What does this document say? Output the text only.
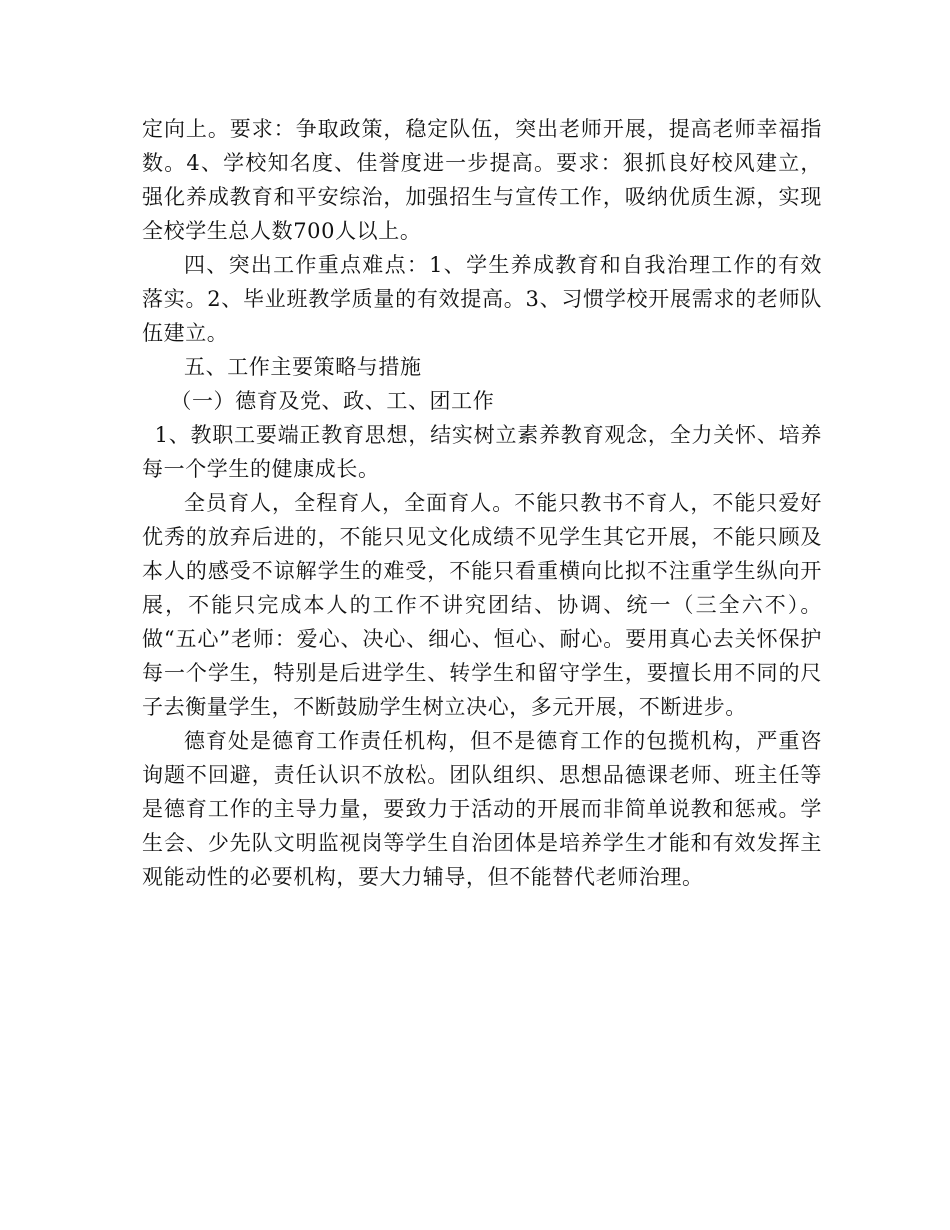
定向上。要求：争取政策，稳定队伍，突出老师开展，提高老师幸福指数。4、学校知名度、佳誉度进一步提高。要求：狠抓良好校风建立，强化养成教育和平安综治，加强招生与宣传工作，吸纳优质生源，实现全校学生总人数700人以上。

四、突出工作重点难点：1、学生养成教育和自我治理工作的有效落实。2、毕业班教学质量的有效提高。3、习惯学校开展需求的老师队伍建立。

五、工作主要策略与措施

（一）德育及党、政、工、团工作

1、教职工要端正教育思想，结实树立素养教育观念，全力关怀、培养每一个学生的健康成长。

全员育人，全程育人，全面育人。不能只教书不育人，不能只爱好优秀的放弃后进的，不能只见文化成绩不见学生其它开展，不能只顾及本人的感受不谅解学生的难受，不能只看重横向比拟不注重学生纵向开展，不能只完成本人的工作不讲究团结、协调、统一（三全六不）。做“五心”老师：爱心、决心、细心、恒心、耐心。要用真心去关怀保护每一个学生，特别是后进学生、转学生和留守学生，要擅长用不同的尺子去衡量学生，不断鼓励学生树立决心，多元开展，不断进步。

德育处是德育工作责任机构，但不是德育工作的包揽机构，严重咨询题不回避，责任认识不放松。团队组织、思想品德课老师、班主任等是德育工作的主导力量，要致力于活动的开展而非简单说教和惩戒。学生会、少先队文明监视岗等学生自治团体是培养学生才能和有效发挥主观能动性的必要机构，要大力辅导，但不能替代老师治理。
